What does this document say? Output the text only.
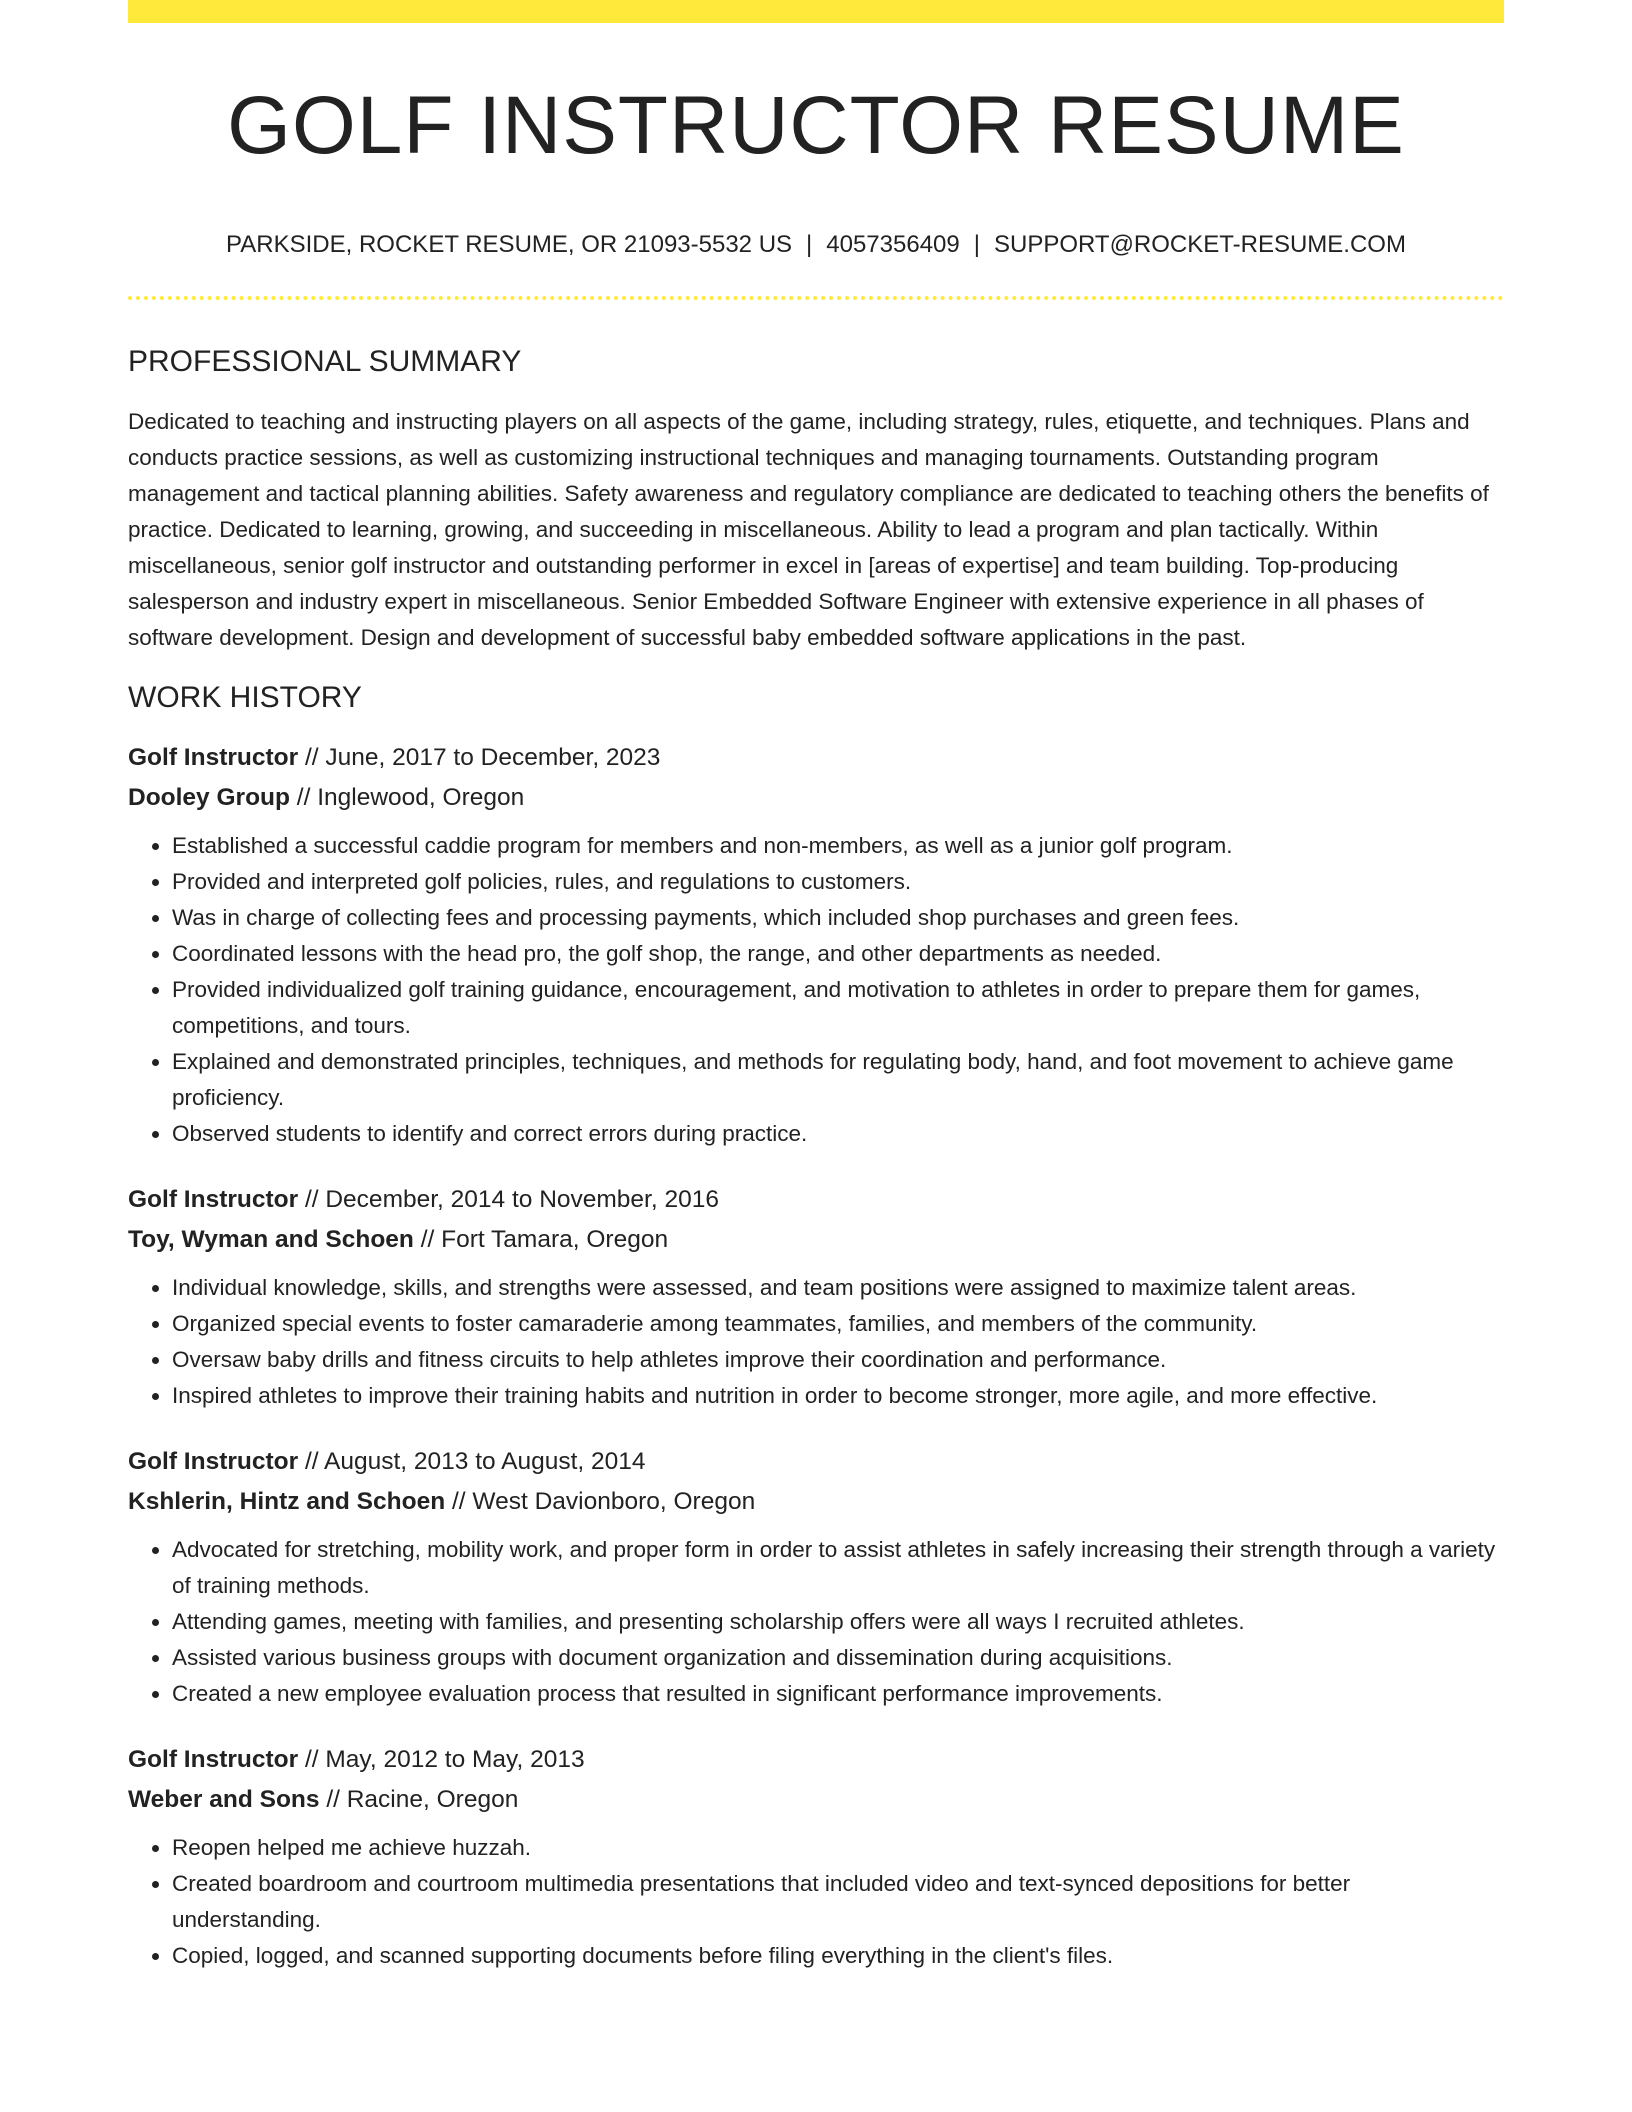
GOLF INSTRUCTOR RESUME
PARKSIDE, ROCKET RESUME, OR 21093-5532 US | 4057356409 | SUPPORT@ROCKET-RESUME.COM
PROFESSIONAL SUMMARY

Dedicated to teaching and instructing players on all aspects of the game, including strategy, rules, etiquette, and techniques. Plans and conducts practice sessions, as well as customizing instructional techniques and managing tournaments. Outstanding program management and tactical planning abilities. Safety awareness and regulatory compliance are dedicated to teaching others the benefits of practice. Dedicated to learning, growing, and succeeding in miscellaneous. Ability to lead a program and plan tactically. Within miscellaneous, senior golf instructor and outstanding performer in excel in [areas of expertise] and team building. Top-producing salesperson and industry expert in miscellaneous. Senior Embedded Software Engineer with extensive experience in all phases of software development. Design and development of successful baby embedded software applications in the past.

WORK HISTORY
Golf Instructor // June, 2017 to December, 2023
Dooley Group // Inglewood, Oregon
• Established a successful caddie program for members and non-members, as well as a junior golf program.
• Provided and interpreted golf policies, rules, and regulations to customers.
• Was in charge of collecting fees and processing payments, which included shop purchases and green fees.
• Coordinated lessons with the head pro, the golf shop, the range, and other departments as needed.
• Provided individualized golf training guidance, encouragement, and motivation to athletes in order to prepare them for games, competitions, and tours.
• Explained and demonstrated principles, techniques, and methods for regulating body, hand, and foot movement to achieve game proficiency.
• Observed students to identify and correct errors during practice.
Golf Instructor // December, 2014 to November, 2016
Toy, Wyman and Schoen // Fort Tamara, Oregon
• Individual knowledge, skills, and strengths were assessed, and team positions were assigned to maximize talent areas.
• Organized special events to foster camaraderie among teammates, families, and members of the community.
• Oversaw baby drills and fitness circuits to help athletes improve their coordination and performance.
• Inspired athletes to improve their training habits and nutrition in order to become stronger, more agile, and more effective.
Golf Instructor // August, 2013 to August, 2014
Kshlerin, Hintz and Schoen // West Davionboro, Oregon
• Advocated for stretching, mobility work, and proper form in order to assist athletes in safely increasing their strength through a variety of training methods.
• Attending games, meeting with families, and presenting scholarship offers were all ways I recruited athletes.
• Assisted various business groups with document organization and dissemination during acquisitions.
• Created a new employee evaluation process that resulted in significant performance improvements.
Golf Instructor // May, 2012 to May, 2013
Weber and Sons // Racine, Oregon
• Reopen helped me achieve huzzah.
• Created boardroom and courtroom multimedia presentations that included video and text-synced depositions for better understanding.
• Copied, logged, and scanned supporting documents before filing everything in the client's files.
